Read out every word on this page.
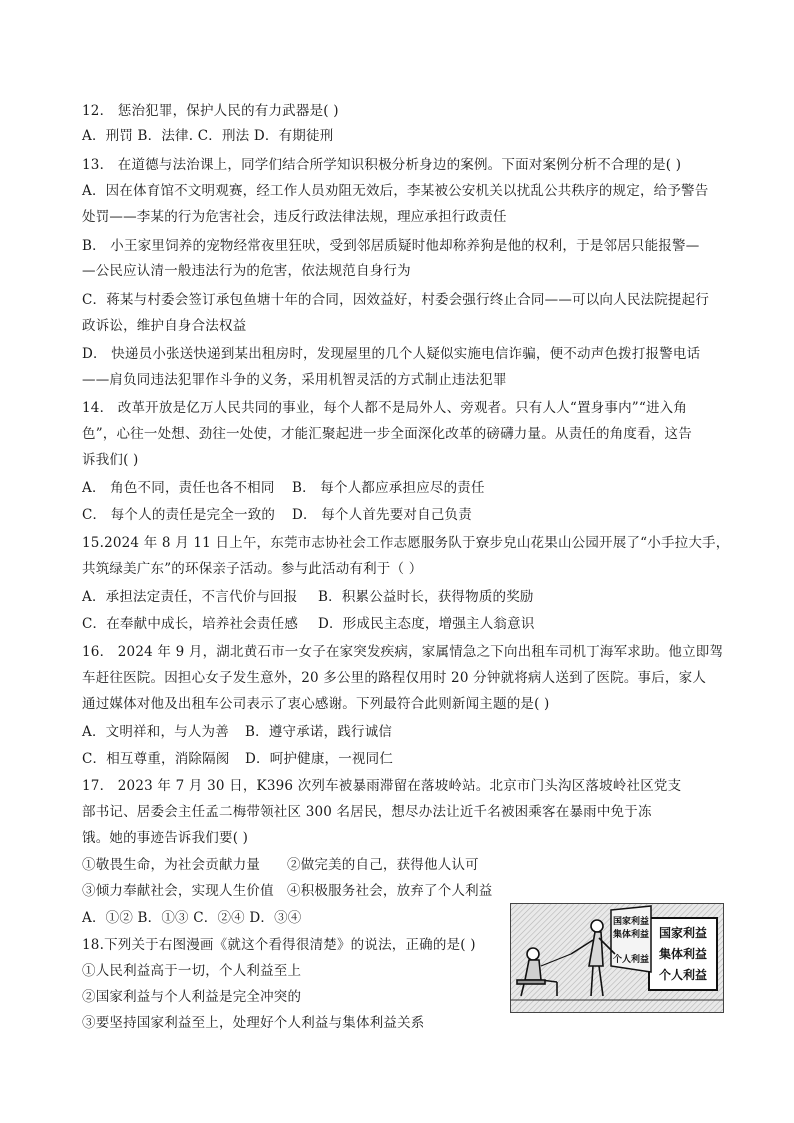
12． 惩治犯罪，保护人民的有力武器是( )
A．刑罚 B．法律. C．刑法 D．有期徒刑
13． 在道德与法治课上，同学们结合所学知识积极分析身边的案例。下面对案例分析不合理的是( )
A．因在体育馆不文明观赛，经工作人员劝阻无效后，李某被公安机关以扰乱公共秩序的规定，给予警告
处罚——李某的行为危害社会，违反行政法律法规，理应承担行政责任
B． 小王家里饲养的宠物经常夜里狂吠，受到邻居质疑时他却称养狗是他的权利，于是邻居只能报警—
—公民应认清一般违法行为的危害，依法规范自身行为
C．蒋某与村委会签订承包鱼塘十年的合同，因效益好，村委会强行终止合同——可以向人民法院提起行
政诉讼，维护自身合法权益
D． 快递员小张送快递到某出租房时，发现屋里的几个人疑似实施电信诈骗，便不动声色拨打报警电话
——肩负同违法犯罪作斗争的义务，采用机智灵活的方式制止违法犯罪
14． 改革开放是亿万人民共同的事业，每个人都不是局外人、旁观者。只有人人“置身事内”“进入角
色”，心往一处想、劲往一处使，才能汇聚起进一步全面深化改革的磅礴力量。从责任的角度看，这告
诉我们( )
A． 角色不同，责任也各不相同 B． 每个人都应承担应尽的责任
C． 每个人的责任是完全一致的 D． 每个人首先要对自己负责
15.2024 年 8 月 11 日上午，东莞市志协社会工作志愿服务队于寮步皃山花果山公园开展了“小手拉大手，
共筑绿美广东”的环保亲子活动。参与此活动有利于（ ）
A．承担法定责任，不言代价与回报 B．积累公益时长，获得物质的奖励
C．在奉献中成长，培养社会责任感 D．形成民主态度，增强主人翁意识
16． 2024 年 9 月，湖北黄石市一女子在家突发疾病，家属情急之下向出租车司机丁海军求助。他立即驾
车赶往医院。因担心女子发生意外，20 多公里的路程仅用时 20 分钟就将病人送到了医院。事后，家人
通过媒体对他及出租车公司表示了衷心感谢。下列最符合此则新闻主题的是( )
A．文明祥和，与人为善 B．遵守承诺，践行诚信
C．相互尊重，消除隔阂 D．呵护健康，一视同仁
17． 2023 年 7 月 30 日，K396 次列车被暴雨滞留在落坡岭站。北京市门头沟区落坡岭社区党支
部书记、居委会主任孟二梅带领社区 300 名居民，想尽办法让近千名被困乘客在暴雨中免于冻
饿。她的事迹告诉我们要( )
①敬畏生命，为社会贡献力量 ②做完美的自己，获得他人认可
③倾力奉献社会，实现人生价值 ④积极服务社会，放弃了个人利益
A．①② B．①③ C．②④ D．③④
18.下列关于右图漫画《就这个看得很清楚》的说法，正确的是( )
①人民利益高于一切，个人利益至上
②国家利益与个人利益是完全冲突的
③要坚持国家利益至上，处理好个人利益与集体利益关系
国家利益
集体利益
个人利益
国家利益
集体利益
个人利益
